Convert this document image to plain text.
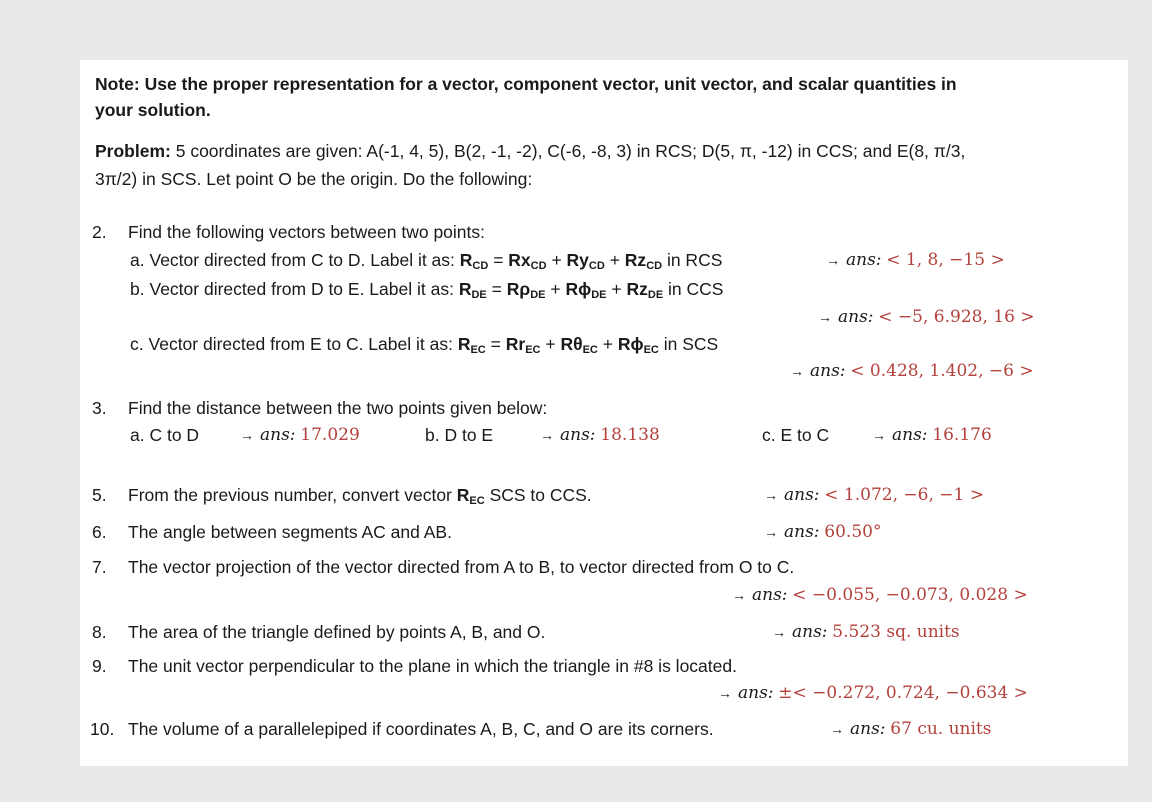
Note: Use the proper representation for a vector, component vector, unit vector, and scalar quantities in
your solution.
Problem: 5 coordinates are given: A(-1, 4, 5), B(2, -1, -2), C(-6, -8, 3) in RCS; D(5, π, -12) in CCS; and E(8, π/3,
3π/2) in SCS. Let point O be the origin. Do the following:
2. Find the following vectors between two points:
a. Vector directed from C to D. Label it as: $R_{CD} = Rx_{CD} + Ry_{CD} + Rz_{CD}$ in RCS	→ ans: < 1, 8, −15 >
b. Vector directed from D to E. Label it as: $R_{DE} = R\rho_{DE} + R\phi_{DE} + Rz_{DE}$ in CCS
→ ans: < −5, 6.928, 16 >
c. Vector directed from E to C. Label it as: $R_{EC} = Rr_{EC} + R\theta_{EC} + R\phi_{EC}$ in SCS
→ ans: < 0.428, 1.402, −6 >
3. Find the distance between the two points given below:
a. C to D	→ ans: 17.029	b. D to E	→ ans: 18.138	c. E to C	→ ans: 16.176
5. From the previous number, convert vector $R_{EC}$ SCS to CCS.	→ ans: < 1.072, −6, −1 >
6. The angle between segments AC and AB.	→ ans: 60.50°
7. The vector projection of the vector directed from A to B, to vector directed from O to C.
→ ans: < −0.055, −0.073, 0.028 >
8. The area of the triangle defined by points A, B, and O.	→ ans: 5.523 sq. units
9. The unit vector perpendicular to the plane in which the triangle in #8 is located.
→ ans: ±< −0.272, 0.724, −0.634 >
10. The volume of a parallelepiped if coordinates A, B, C, and O are its corners.	→ ans: 67 cu. units
